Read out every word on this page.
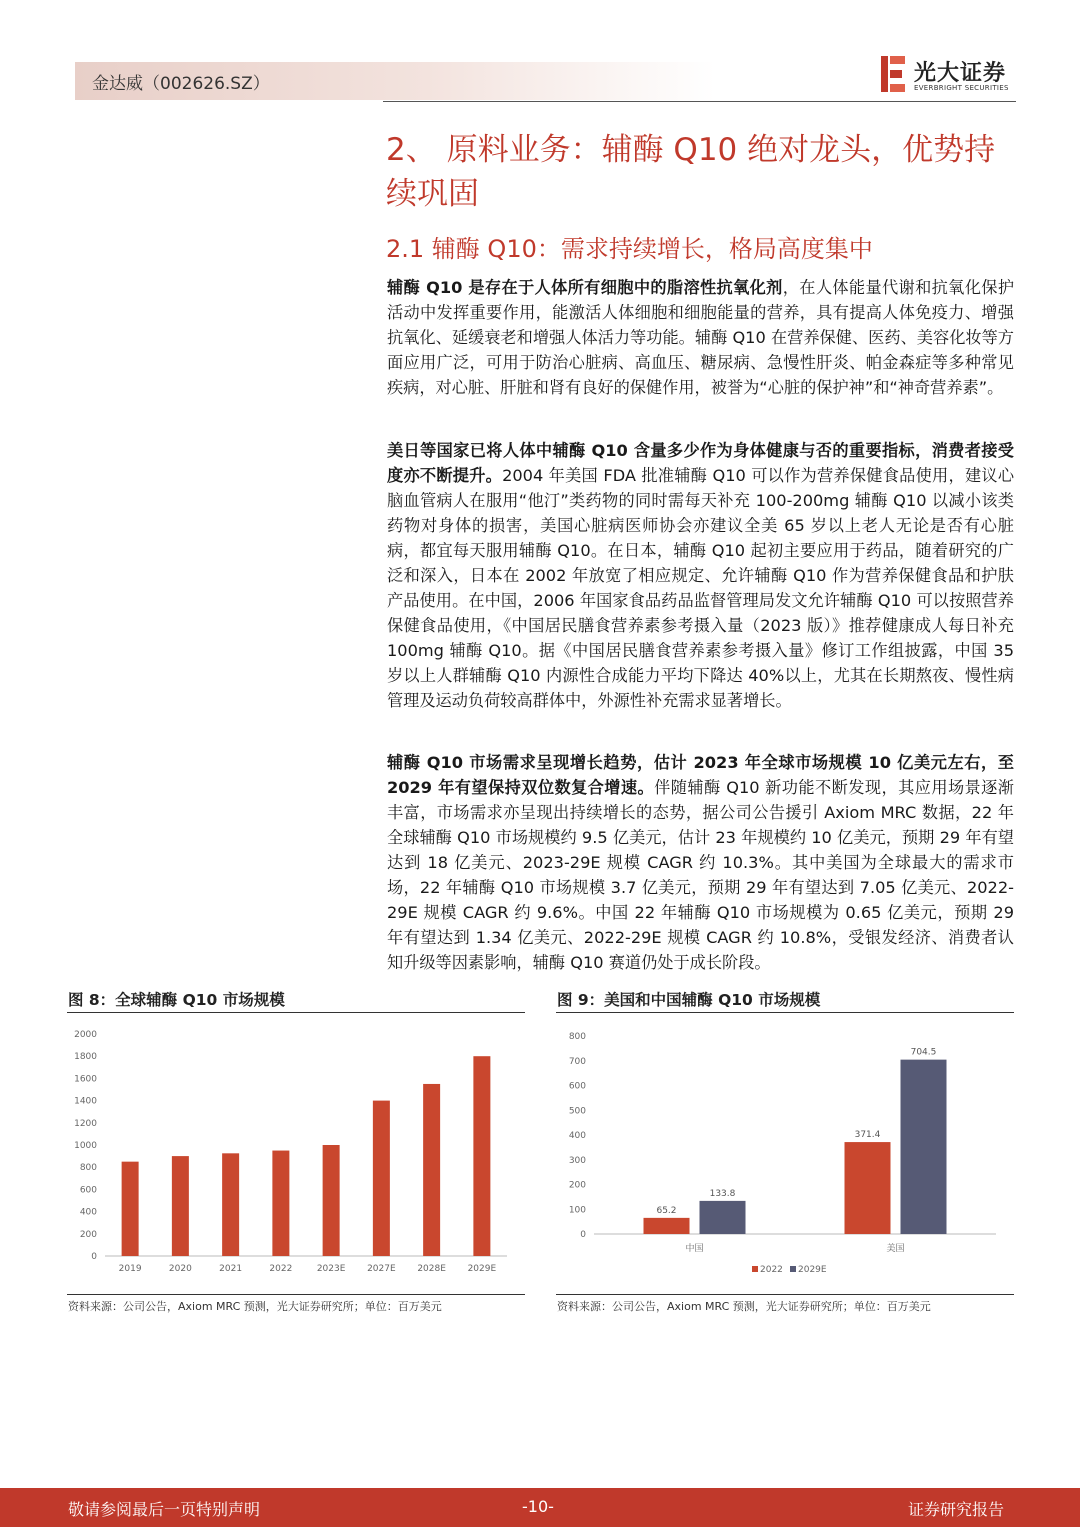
金达威（002626.SZ）	光大证券
EVERBRIGHT SECURITIES
2、 原料业务：辅酶 Q10 绝对龙头，优势持续巩固
2.1 辅酶 Q10：需求持续增长，格局高度集中

辅酶 Q10 是存在于人体所有细胞中的脂溶性抗氧化剂，在人体能量代谢和抗氧化保护活动中发挥重要作用，能激活人体细胞和细胞能量的营养，具有提高人体免疫力、增强抗氧化、延缓衰老和增强人体活力等功能。辅酶 Q10 在营养保健、医药、美容化妆等方面应用广泛，可用于防治心脏病、高血压、糖尿病、急慢性肝炎、帕金森症等多种常见疾病，对心脏、肝脏和肾有良好的保健作用，被誉为“心脏的保护神”和“神奇营养素”。

美日等国家已将人体中辅酶 Q10 含量多少作为身体健康与否的重要指标，消费者接受度亦不断提升。2004 年美国 FDA 批准辅酶 Q10 可以作为营养保健食品使用，建议心脑血管病人在服用“他汀”类药物的同时需每天补充 100-200mg 辅酶 Q10 以减小该类药物对身体的损害，美国心脏病医师协会亦建议全美 65 岁以上老人无论是否有心脏病，都宜每天服用辅酶 Q10。在日本，辅酶 Q10 起初主要应用于药品，随着研究的广泛和深入，日本在 2002 年放宽了相应规定、允许辅酶 Q10 作为营养保健食品和护肤产品使用。在中国，2006 年国家食品药品监督管理局发文允许辅酶 Q10 可以按照营养保健食品使用，《中国居民膳食营养素参考摄入量（2023 版）》推荐健康成人每日补充 100mg 辅酶 Q10。据《中国居民膳食营养素参考摄入量》修订工作组披露，中国 35 岁以上人群辅酶 Q10 内源性合成能力平均下降达 40%以上，尤其在长期熬夜、慢性病管理及运动负荷较高群体中，外源性补充需求显著增长。

辅酶 Q10 市场需求呈现增长趋势，估计 2023 年全球市场规模 10 亿美元左右，至 2029 年有望保持双位数复合增速。伴随辅酶 Q10 新功能不断发现，其应用场景逐渐丰富，市场需求亦呈现出持续增长的态势，据公司公告援引 Axiom MRC 数据，22 年全球辅酶 Q10 市场规模约 9.5 亿美元，估计 23 年规模约 10 亿美元，预期 29 年有望达到 18 亿美元、2023-29E 规模 CAGR 约 10.3%。其中美国为全球最大的需求市场，22 年辅酶 Q10 市场规模 3.7 亿美元，预期 29 年有望达到 7.05 亿美元、2022-29E 规模 CAGR 约 9.6%。中国 22 年辅酶 Q10 市场规模为 0.65 亿美元，预期 29 年有望达到 1.34 亿美元、2022-29E 规模 CAGR 约 10.8%，受银发经济、消费者认知升级等因素影响，辅酶 Q10 赛道仍处于成长阶段。

图 8：全球辅酶 Q10 市场规模
0
200
400
600
800
1000
1200
1400
1600
1800
2000
2019	2020	2021	2022	2023E 2027E 2028E 2029E
资料来源：公司公告，Axiom MRC 预测，光大证券研究所；单位：百万美元
图 9：美国和中国辅酶 Q10 市场规模
0
100
200
300
400
500
600
700
800
65.2
133.8
中国
371.4
704.5
美国
2022 2029E
资料来源：公司公告，Axiom MRC 预测，光大证券研究所；单位：百万美元
敬请参阅最后一页特别声明	-10-	证券研究报告
